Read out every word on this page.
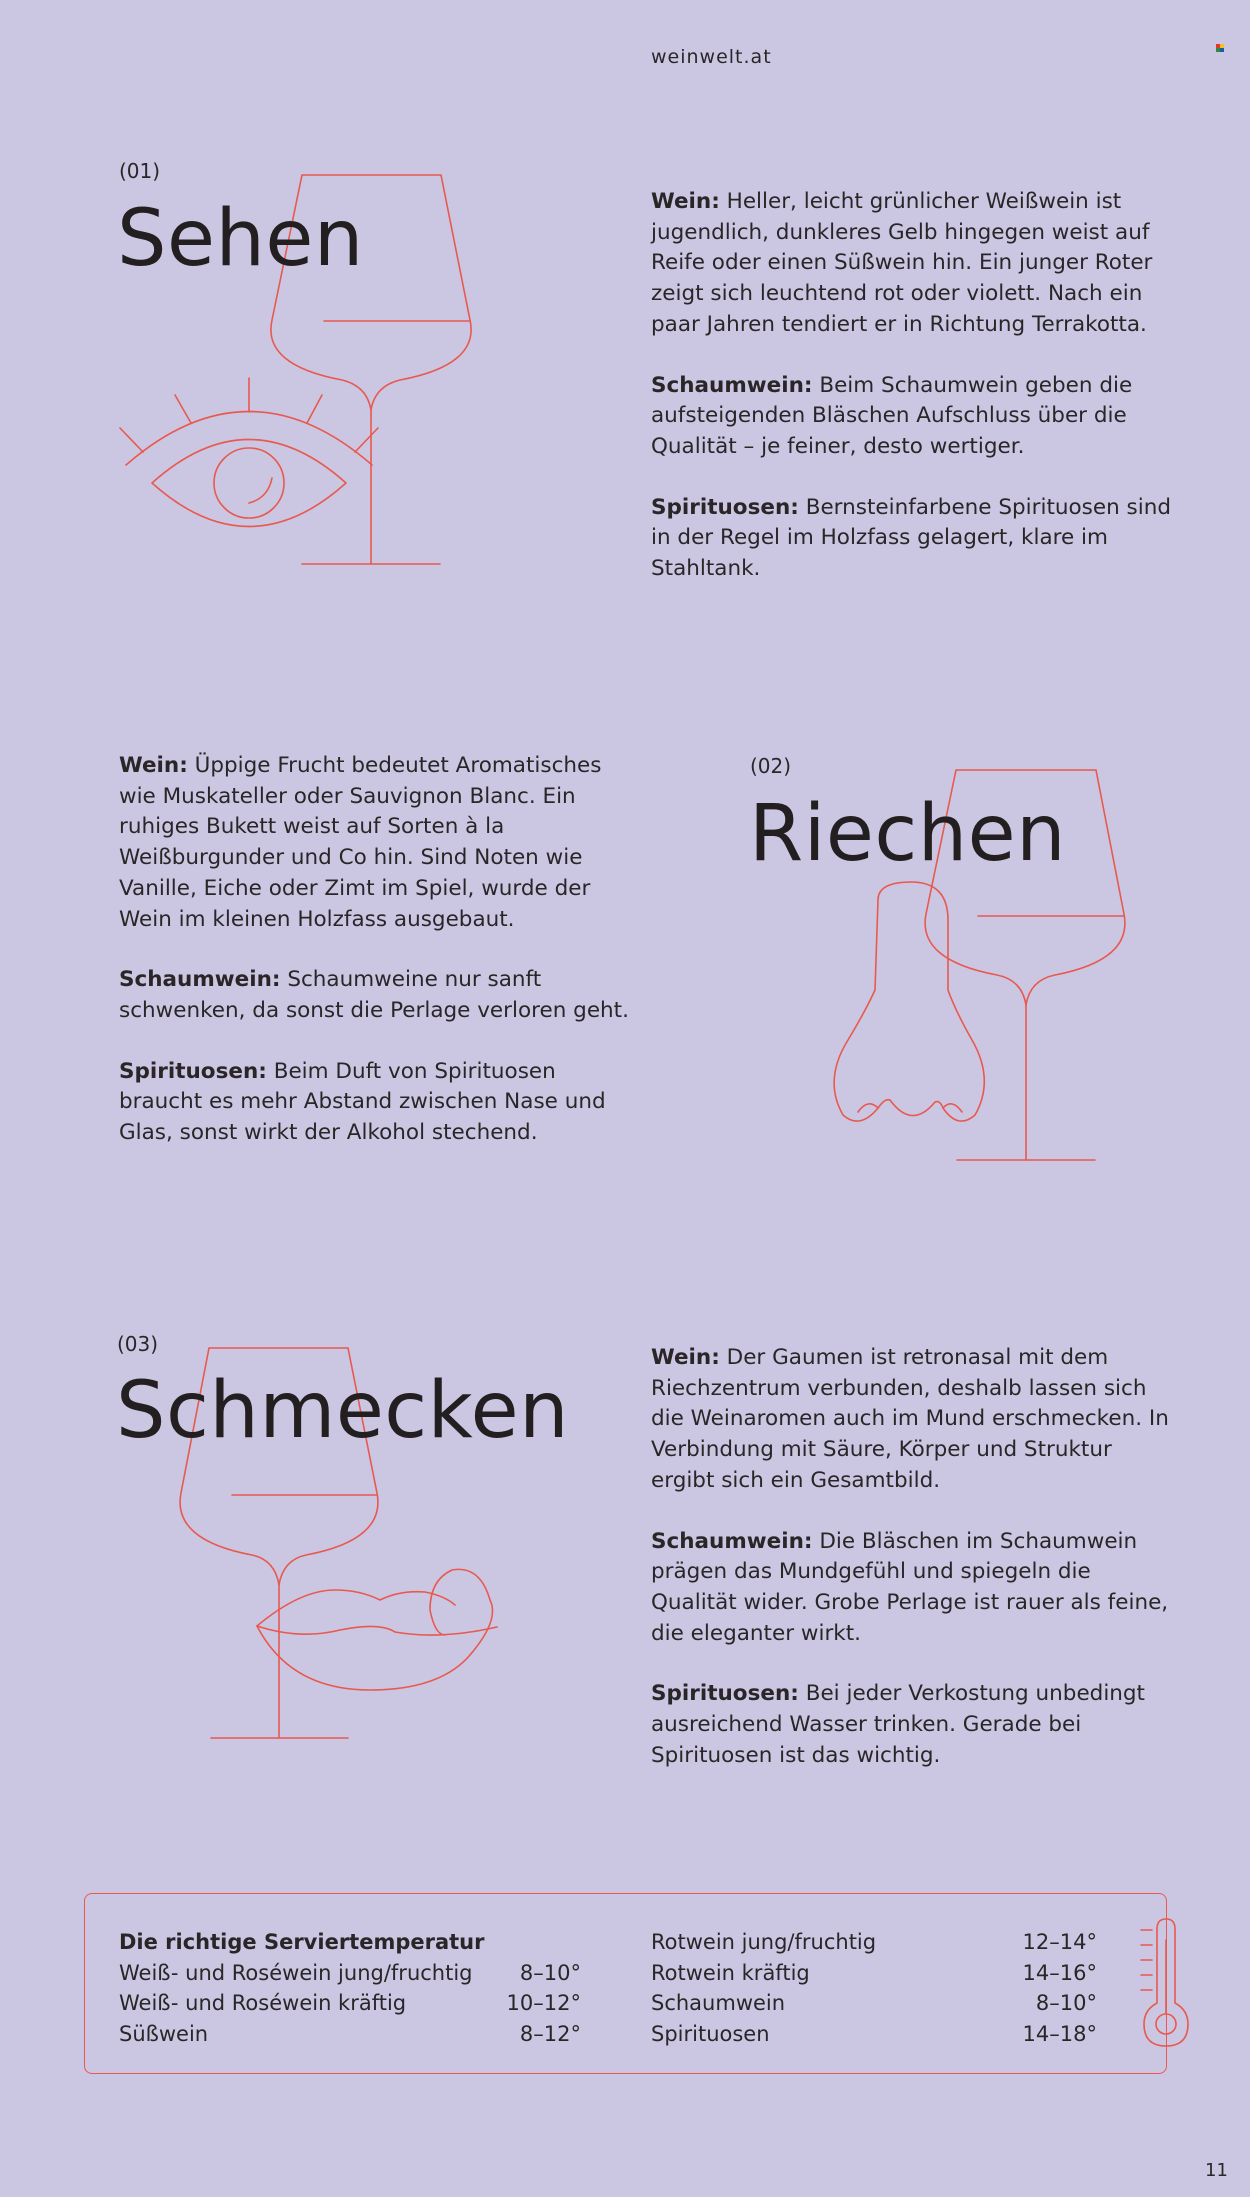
weinwelt.at
(01)
Sehen	Wein: Heller, leicht grünlicher Weißwein ist jugendlich, dunkleres Gelb hingegen weist auf Reife oder einen Süßwein hin. Ein junger Roter zeigt sich leuchtend rot oder violett. Nach ein paar Jahren tendiert er in Richtung Terrakotta.

Schaumwein: Beim Schaumwein geben die aufsteigenden Bläschen Aufschluss über die Qualität – je feiner, desto wertiger.

Spirituosen: Bernsteinfarbene Spirituosen sind in der Regel im Holzfass gelagert, klare im Stahltank.

Wein: Üppige Frucht bedeutet Aromatisches wie Muskateller oder Sauvignon Blanc. Ein ruhiges Bukett weist auf Sorten à la Weißburgunder und Co hin. Sind Noten wie Vanille, Eiche oder Zimt im Spiel, wurde der Wein im kleinen Holzfass ausgebaut.

Schaumwein: Schaumweine nur sanft schwenken, da sonst die Perlage verloren geht.

Spirituosen: Beim Duft von Spirituosen braucht es mehr Abstand zwischen Nase und Glas, sonst wirkt der Alkohol stechend.

(02)
Riechen
(03)
Schmecken

Wein: Der Gaumen ist retronasal mit dem Riechzentrum verbunden, deshalb lassen sich die Weinaromen auch im Mund erschmecken. In Verbindung mit Säure, Körper und Struktur ergibt sich ein Gesamtbild.

Schaumwein: Die Bläschen im Schaumwein prägen das Mundgefühl und spiegeln die Qualität wider. Grobe Perlage ist rauer als feine, die eleganter wirkt.

Spirituosen: Bei jeder Verkostung unbedingt ausreichend Wasser trinken. Gerade bei Spirituosen ist das wichtig.

Die richtige Serviertemperatur
Weiß- und Roséwein jung/fruchtig 8–10°
Weiß- und Roséwein kräftig	10–12°
Süßwein	8–12°
Rotwein jung/fruchtig	12–14°
Rotwein kräftig	14–16°
Schaumwein	8–10°
Spirituosen	14–18°
11
